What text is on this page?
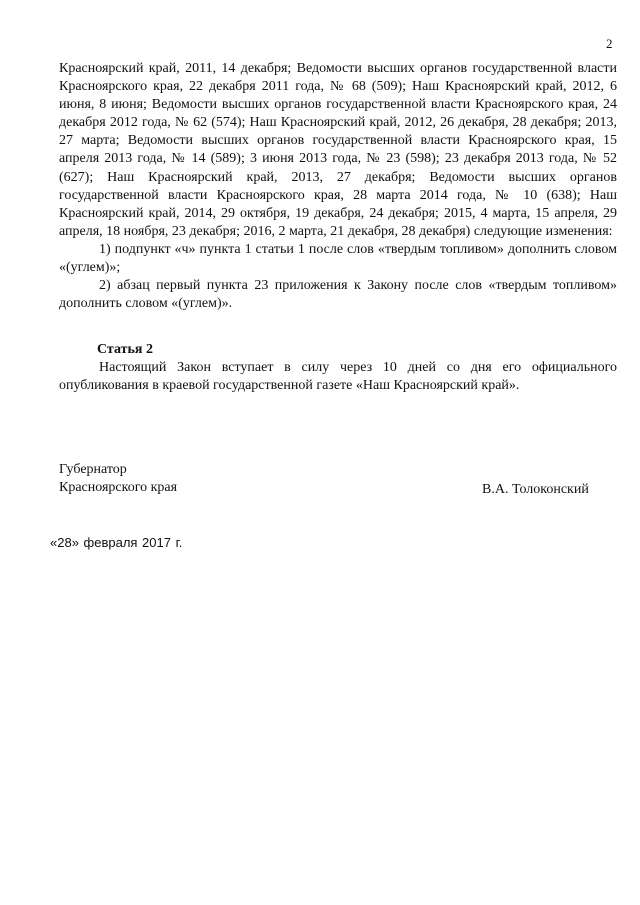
2

Красноярский край, 2011, 14 декабря; Ведомости высших органов государственной власти Красноярского края, 22 декабря 2011 года, № 68 (509); Наш Красноярский край, 2012, 6 июня, 8 июня; Ведомости высших органов государственной власти Красноярского края, 24 декабря 2012 года, № 62 (574); Наш Красноярский край, 2012, 26 декабря, 28 декабря; 2013, 27 марта; Ведомости высших органов государственной власти Красноярского края, 15 апреля 2013 года, № 14 (589); 3 июня 2013 года, № 23 (598); 23 декабря 2013 года, № 52 (627); Наш Красноярский край, 2013, 27 декабря; Ведомости высших органов государственной власти Красноярского края, 28 марта 2014 года, № 10 (638); Наш Красноярский край, 2014, 29 октября, 19 декабря, 24 декабря; 2015, 4 марта, 15 апреля, 29 апреля, 18 ноября, 23 декабря; 2016, 2 марта, 21 декабря, 28 декабря) следующие изменения:

1) подпункт «ч» пункта 1 статьи 1 после слов «твердым топливом» дополнить словом «(углем)»;

2) абзац первый пункта 23 приложения к Закону после слов «твердым топливом» дополнить словом «(углем)».

Статья 2

Настоящий Закон вступает в силу через 10 дней со дня его официального опубликования в краевой государственной газете «Наш Красноярский край».

Губернатор
Красноярского края	В.А. Толоконский
«28» февраля 2017 г.
